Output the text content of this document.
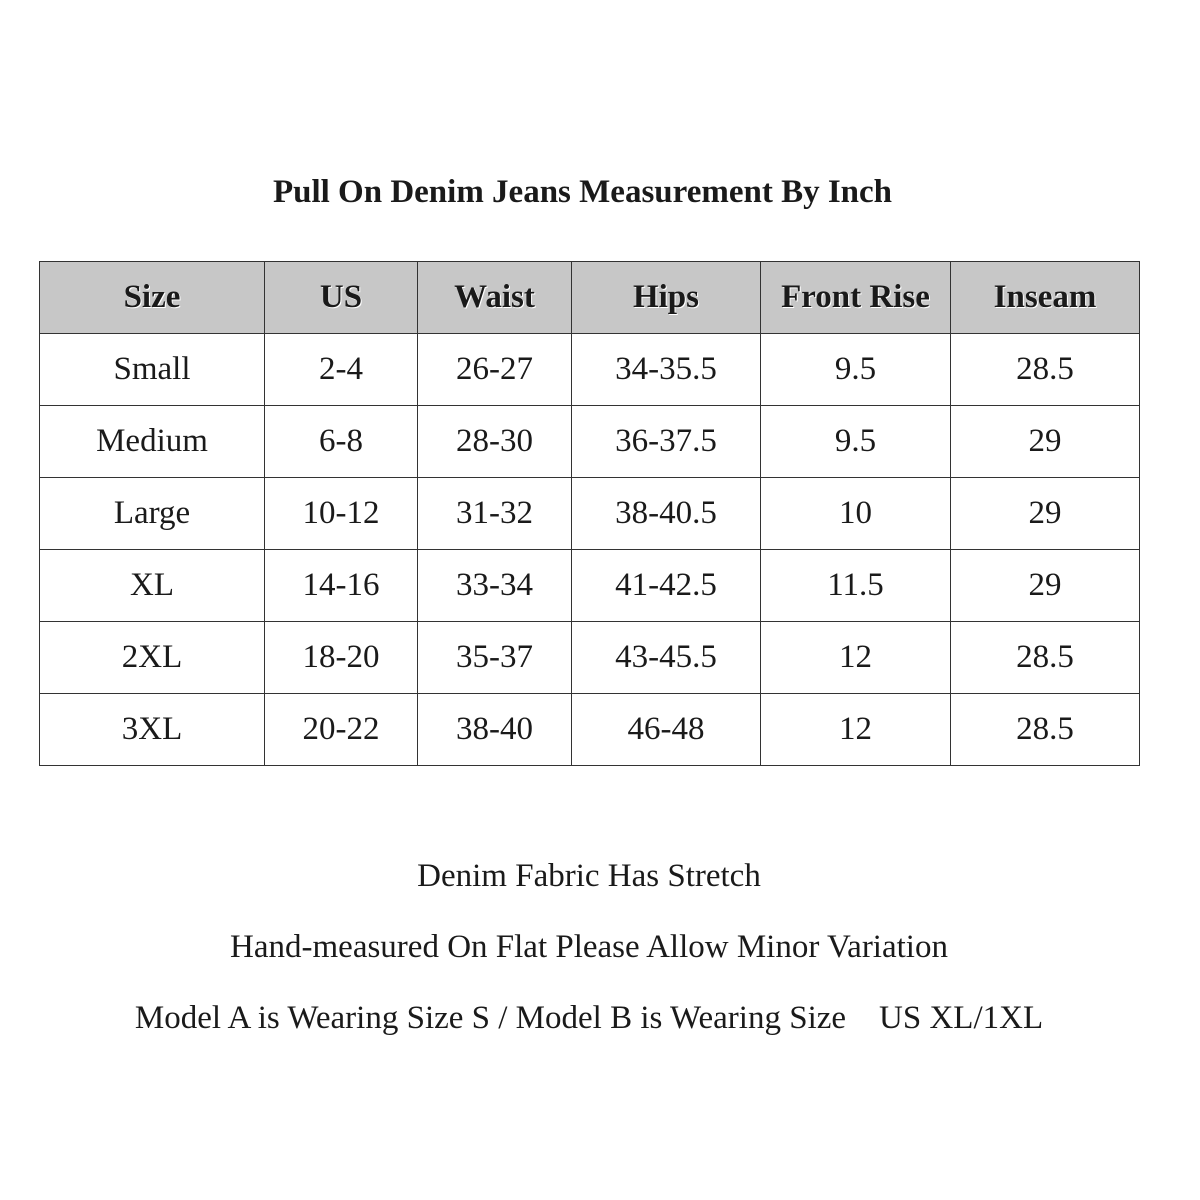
Pull On Denim Jeans Measurement By Inch
Size	US	Waist	Hips	Front Rise	Inseam
Small	2-4	26-27	34-35.5	9.5	28.5
Medium	6-8	28-30	36-37.5	9.5	29
Large	10-12	31-32	38-40.5	10	29
XL	14-16	33-34	41-42.5	11.5	29
2XL	18-20	35-37	43-45.5	12	28.5
3XL	20-22	38-40	46-48	12	28.5
Denim Fabric Has Stretch
Hand-measured On Flat Please Allow Minor Variation
Model A is Wearing Size S / Model B is Wearing Size    US XL/1XL
